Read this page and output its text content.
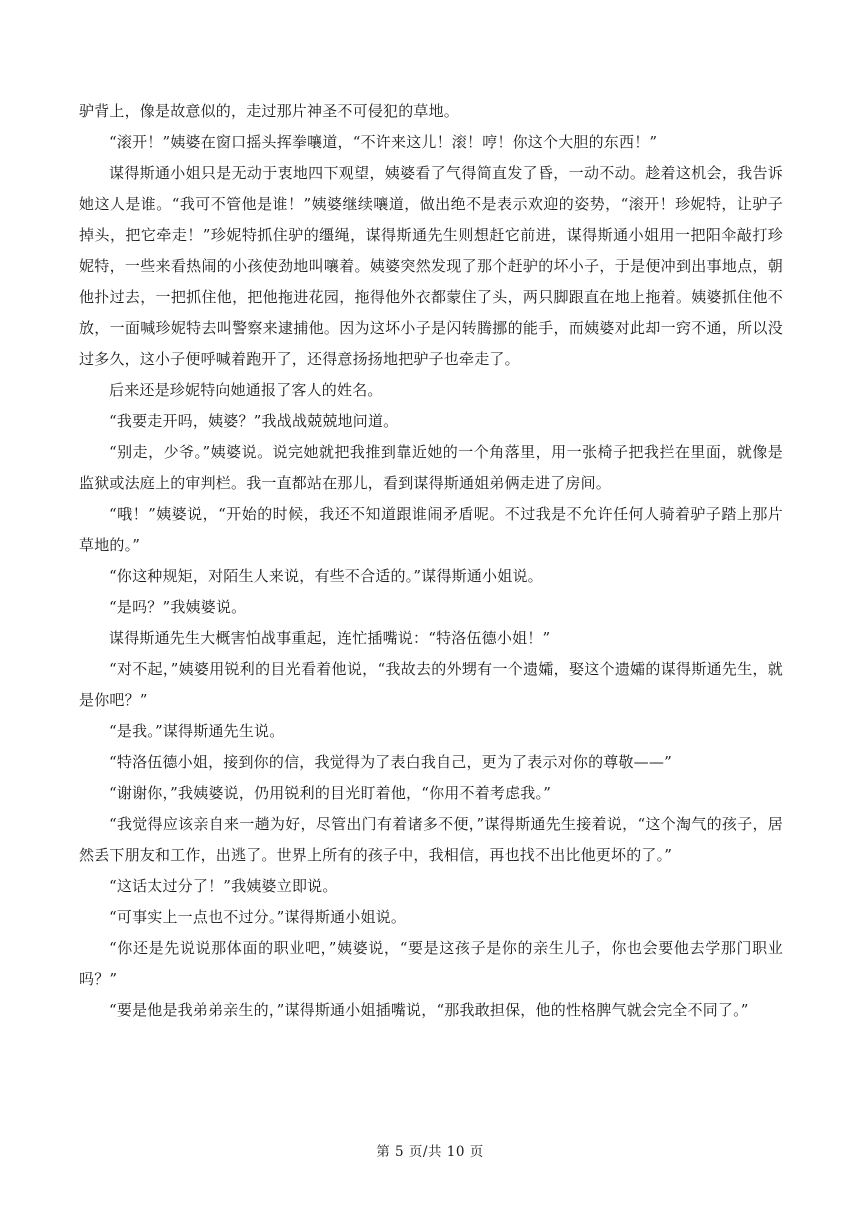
驴背上，像是故意似的，走过那片神圣不可侵犯的草地。

“滚开！”姨婆在窗口摇头挥拳嚷道，“不许来这儿！滚！哼！你这个大胆的东西！”

谋得斯通小姐只是无动于衷地四下观望，姨婆看了气得简直发了昏，一动不动。趁着这机会，我告诉她这人是谁。“我可不管他是谁！”姨婆继续嚷道，做出绝不是表示欢迎的姿势，“滚开！珍妮特，让驴子掉头，把它牵走！”珍妮特抓住驴的缰绳，谋得斯通先生则想赶它前进，谋得斯通小姐用一把阳伞敲打珍妮特，一些来看热闹的小孩使劲地叫嚷着。姨婆突然发现了那个赶驴的坏小子，于是便冲到出事地点，朝他扑过去，一把抓住他，把他拖进花园，拖得他外衣都蒙住了头，两只脚跟直在地上拖着。姨婆抓住他不放，一面喊珍妮特去叫警察来逮捕他。因为这坏小子是闪转腾挪的能手，而姨婆对此却一窍不通，所以没过多久，这小子便呼喊着跑开了，还得意扬扬地把驴子也牵走了。

后来还是珍妮特向她通报了客人的姓名。

“我要走开吗，姨婆？”我战战兢兢地问道。

“别走，少爷。”姨婆说。说完她就把我推到靠近她的一个角落里，用一张椅子把我拦在里面，就像是监狱或法庭上的审判栏。我一直都站在那儿，看到谋得斯通姐弟俩走进了房间。

“哦！”姨婆说，“开始的时候，我还不知道跟谁闹矛盾呢。不过我是不允许任何人骑着驴子踏上那片草地的。”

“你这种规矩，对陌生人来说，有些不合适的。”谋得斯通小姐说。

“是吗？”我姨婆说。

谋得斯通先生大概害怕战事重起，连忙插嘴说：“特洛伍德小姐！”

“对不起，”姨婆用锐利的目光看着他说，“我故去的外甥有一个遗孀，娶这个遗孀的谋得斯通先生，就是你吧？”

“是我。”谋得斯通先生说。

“特洛伍德小姐，接到你的信，我觉得为了表白我自己，更为了表示对你的尊敬——”

“谢谢你，”我姨婆说，仍用锐利的目光盯着他，“你用不着考虑我。”

“我觉得应该亲自来一趟为好，尽管出门有着诸多不便，”谋得斯通先生接着说，“这个淘气的孩子，居然丢下朋友和工作，出逃了。世界上所有的孩子中，我相信，再也找不出比他更坏的了。”

“这话太过分了！”我姨婆立即说。

“可事实上一点也不过分。”谋得斯通小姐说。

“你还是先说说那体面的职业吧，”姨婆说，“要是这孩子是你的亲生儿子，你也会要他去学那门职业吗？”

“要是他是我弟弟亲生的，”谋得斯通小姐插嘴说，“那我敢担保，他的性格脾气就会完全不同了。”

第 5 页/共 10 页
